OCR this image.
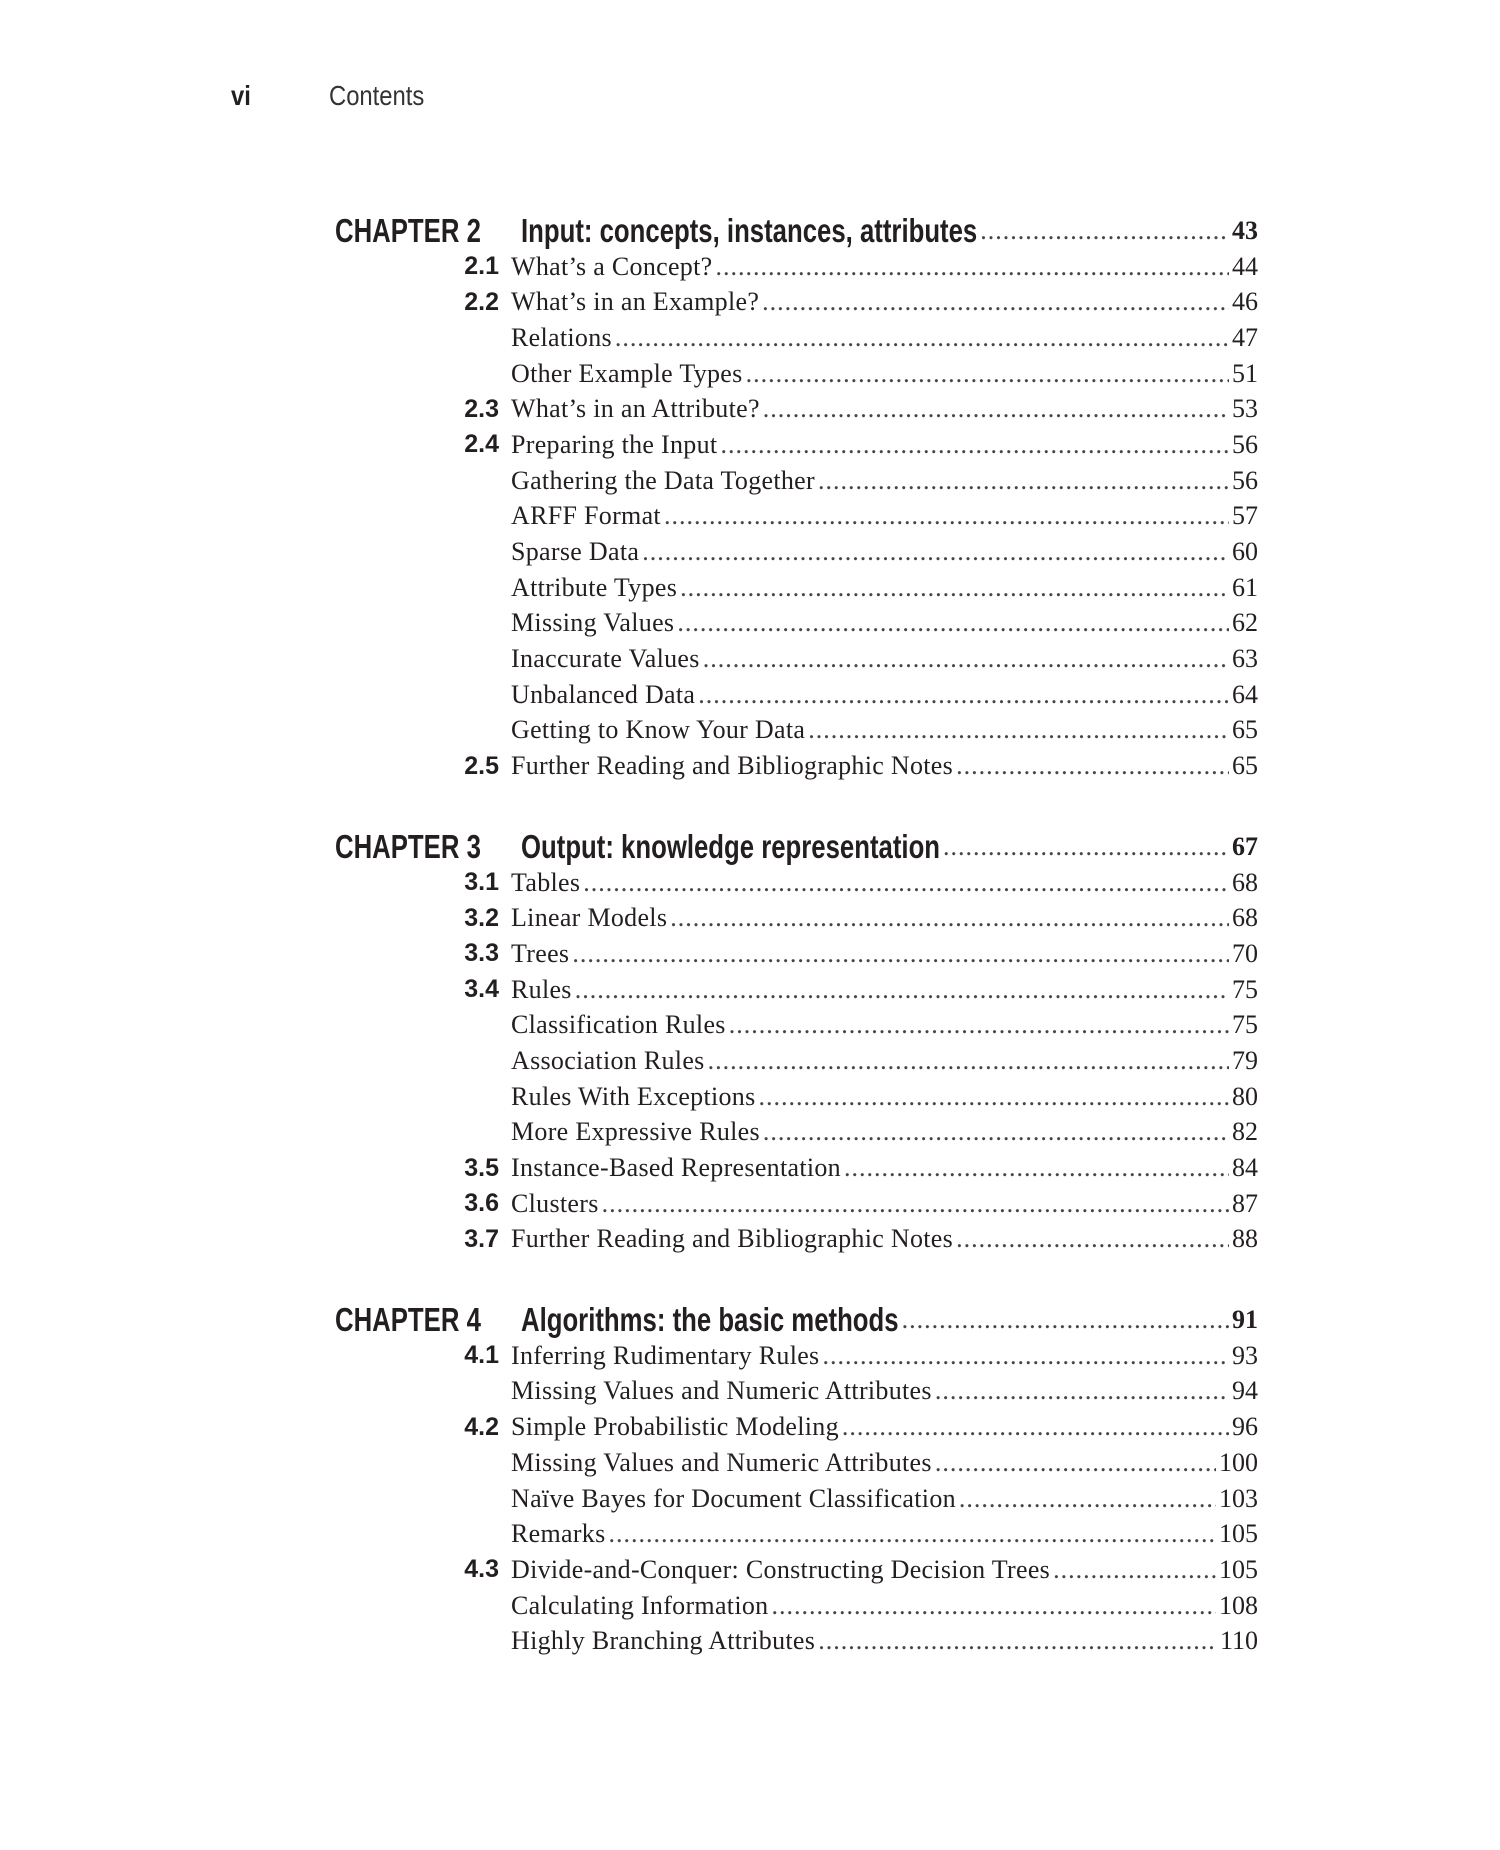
vi	Contents
CHAPTER 2 Input: concepts, instances, attributes .....	43
2.1 What’s a Concept? .....	44
2.2 What’s in an Example? .....	46
Relations .....	47
Other Example Types .....	51
2.3 What’s in an Attribute? .....	53
2.4 Preparing the Input .....	56
Gathering the Data Together .....	56
ARFF Format .....	57
Sparse Data .....	60
Attribute Types .....	61
Missing Values .....	62
Inaccurate Values .....	63
Unbalanced Data .....	64
Getting to Know Your Data .....	65
2.5 Further Reading and Bibliographic Notes .....	65
CHAPTER 3 Output: knowledge representation .....	67
3.1 Tables .....	68
3.2 Linear Models .....	68
3.3 Trees .....	70
3.4 Rules .....	75
Classification Rules .....	75
Association Rules .....	79
Rules With Exceptions .....	80
More Expressive Rules .....	82
3.5 Instance-Based Representation .....	84
3.6 Clusters .....	87
3.7 Further Reading and Bibliographic Notes .....	88
CHAPTER 4 Algorithms: the basic methods .....	91
4.1 Inferring Rudimentary Rules .....	93
Missing Values and Numeric Attributes .....	94
4.2 Simple Probabilistic Modeling .....	96
Missing Values and Numeric Attributes .....	100
Naïve Bayes for Document Classification .....	103
Remarks .....	105
4.3 Divide-and-Conquer: Constructing Decision Trees .....	105
Calculating Information .....	108
Highly Branching Attributes .....	110
